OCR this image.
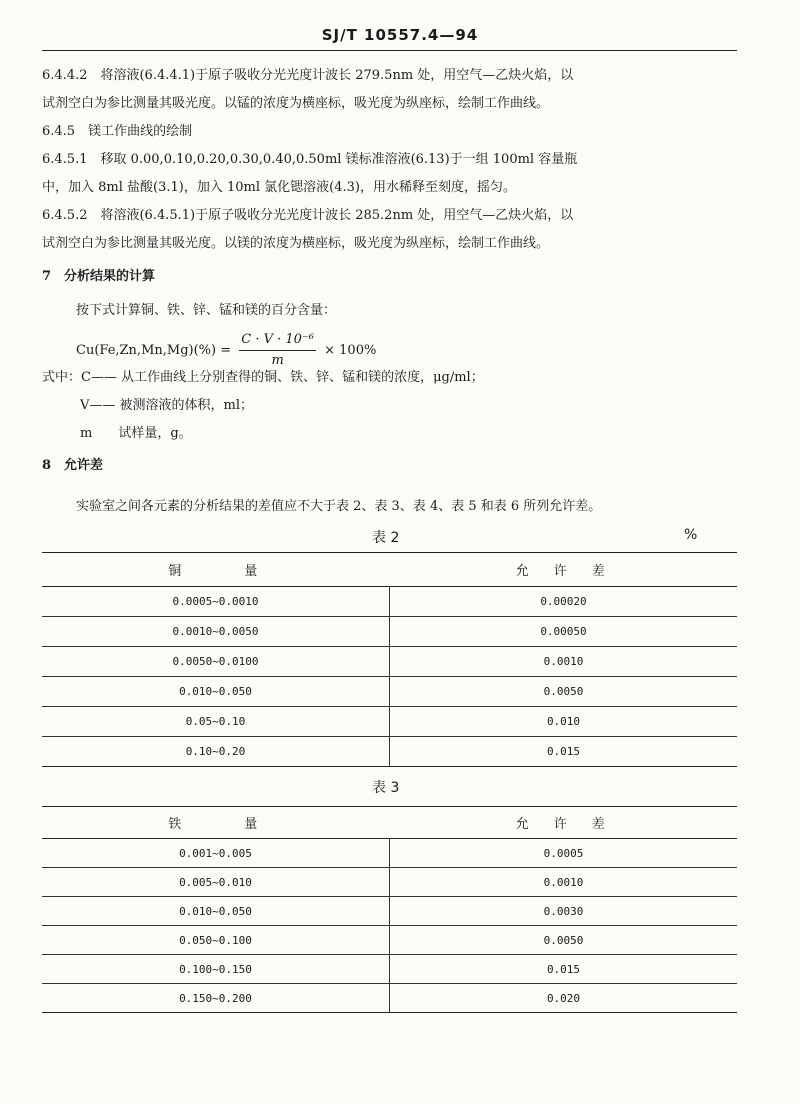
SJ/T 10557.4—94
6.4.4.2　将溶液(6.4.4.1)于原子吸收分光光度计波长 279.5nm 处，用空气—乙炔火焰，以
试剂空白为参比测量其吸光度。以锰的浓度为横座标，吸光度为纵座标，绘制工作曲线。
6.4.5　镁工作曲线的绘制
6.4.5.1　移取 0.00,0.10,0.20,0.30,0.40,0.50ml 镁标准溶液(6.13)于一组 100ml 容量瓶
中，加入 8ml 盐酸(3.1)，加入 10ml 氯化锶溶液(4.3)，用水稀释至刻度，摇匀。
6.4.5.2　将溶液(6.4.5.1)于原子吸收分光光度计波长 285.2nm 处，用空气—乙炔火焰，以
试剂空白为参比测量其吸光度。以镁的浓度为横座标，吸光度为纵座标，绘制工作曲线。
7　分析结果的计算
按下式计算铜、铁、锌、锰和镁的百分含量：
$Cu(Fe,Zn,Mn,Mg)(\%) = \frac{\text{C · V · 10⁻⁶}}{m} \times 100\%$
式中：C—— 从工作曲线上分别查得的铜、铁、锌、锰和镁的浓度，μg/ml；
V—— 被测溶液的体积，ml；
m　　试样量，g。
8　允许差
实验室之间各元素的分析结果的差值应不大于表 2、表 3、表 4、表 5 和表 6 所列允许差。
表 2	%
铜　　　量	允　许　差
0.0005~0.0010	0.00020
0.0010~0.0050	0.00050
0.0050~0.0100	0.0010
0.010~0.050	0.0050
0.05~0.10	0.010
0.10~0.20	0.015
表 3
铁　　　量	允　许　差
0.001~0.005	0.0005
0.005~0.010	0.0010
0.010~0.050	0.0030
0.050~0.100	0.0050
0.100~0.150	0.015
0.150~0.200	0.020
